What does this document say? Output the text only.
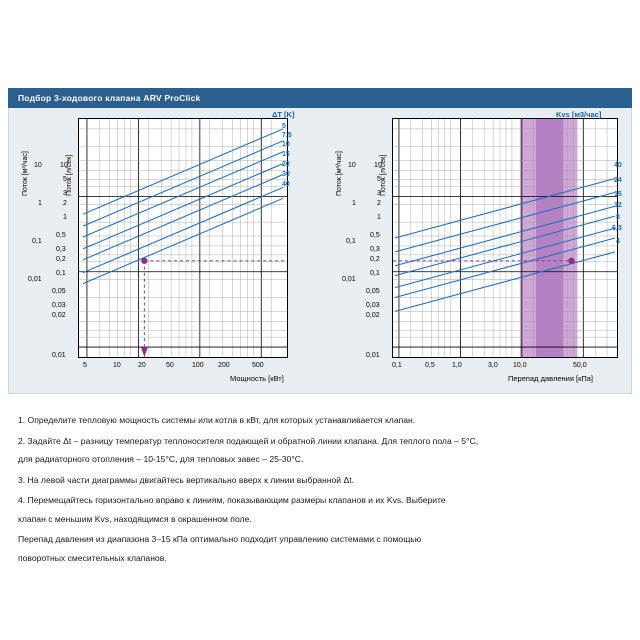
Подбор 3-ходового клапана ARV ProClick
Поток [м³/час]	Поток [л/сек]
ΔT [K]
5
7,5
10
15
20
30
40
10
1
0,1
0,01
10
5
3
2
1
0,5
0,3
0,2
0,1
0,05
0,03
0,02
0,01
5	10 20	50	100 200	500
Мощность [кВт]
Поток [м³/час]	Поток [л/сек]
Kvs [м3/час]
40
24
15
12
8
6,3
4
10
1
0,1
0,01
10
5
3
2
1
0,5
0,3
0,2
0,1
0,05
0,03
0,02
0,01
0,1	0,5 1,0	3,0 10,0	50,0
Перепад давления [кПа]

1. Определите тепловую мощность системы или котла в кВт, для которых устанавливается клапан.

2. Задайте Δt – разницу температур теплоносителя подающей и обратной линии клапана. Для теплого пола – 5°С,

для радиаторного отопления – 10-15°С, для тепловых завес – 25-30°С.

3. На левой части диаграммы двигайтесь вертикально вверх к линии выбранной Δt.

4. Перемещайтесь горизонтально вправо к линиям, показывающим размеры клапанов и их Kvs. Выберите

клапан с меньшим Kvs, находящимся в окрашенном поле.

Перепад давления из диапазона 3–15 кПа оптимально подходит управлению системами с помощью

поворотных смесительных клапанов.
